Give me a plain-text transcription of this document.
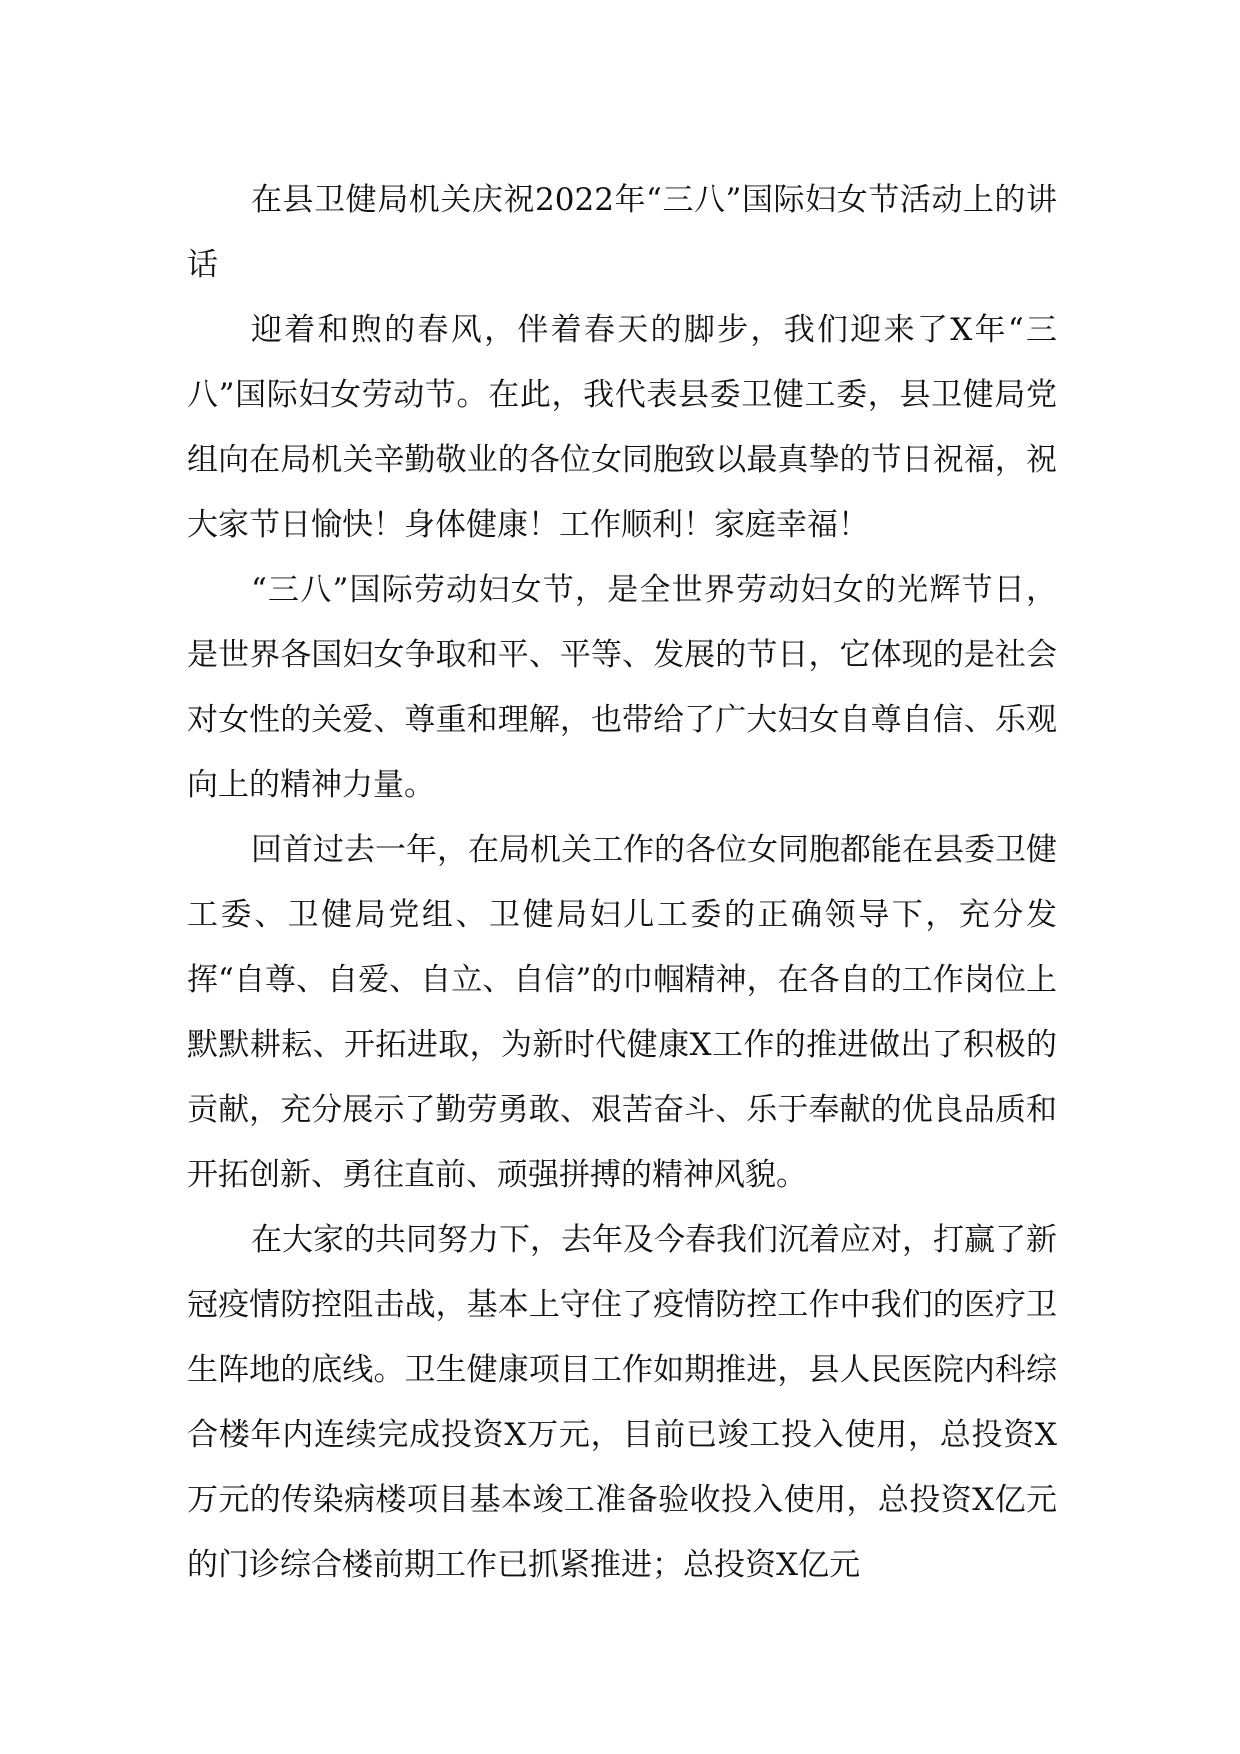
在县卫健局机关庆祝2022年“三八”国际妇女节活动上的讲话

迎着和煦的春风，伴着春天的脚步，我们迎来了X年“三八”国际妇女劳动节。在此，我代表县委卫健工委，县卫健局党组向在局机关辛勤敬业的各位女同胞致以最真挚的节日祝福，祝大家节日愉快！身体健康！工作顺利！家庭幸福！

“三八”国际劳动妇女节，是全世界劳动妇女的光辉节日，是世界各国妇女争取和平、平等、发展的节日，它体现的是社会对女性的关爱、尊重和理解，也带给了广大妇女自尊自信、乐观向上的精神力量。

回首过去一年，在局机关工作的各位女同胞都能在县委卫健工委、卫健局党组、卫健局妇儿工委的正确领导下，充分发挥“自尊、自爱、自立、自信”的巾帼精神，在各自的工作岗位上默默耕耘、开拓进取，为新时代健康X工作的推进做出了积极的贡献，充分展示了勤劳勇敢、艰苦奋斗、乐于奉献的优良品质和开拓创新、勇往直前、顽强拼搏的精神风貌。

在大家的共同努力下，去年及今春我们沉着应对，打赢了新冠疫情防控阻击战，基本上守住了疫情防控工作中我们的医疗卫生阵地的底线。卫生健康项目工作如期推进，县人民医院内科综合楼年内连续完成投资X万元，目前已竣工投入使用，总投资X万元的传染病楼项目基本竣工准备验收投入使用，总投资X亿元的门诊综合楼前期工作已抓紧推进；总投资X亿元
